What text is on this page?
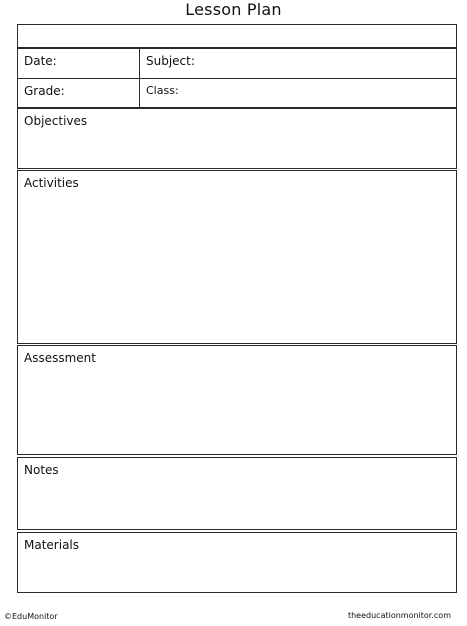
Lesson Plan
Date:	Subject:
Grade:	Class:
Objectives
Activities
Assessment
Notes
Materials
©EduMonitor	theeducationmonitor.com
